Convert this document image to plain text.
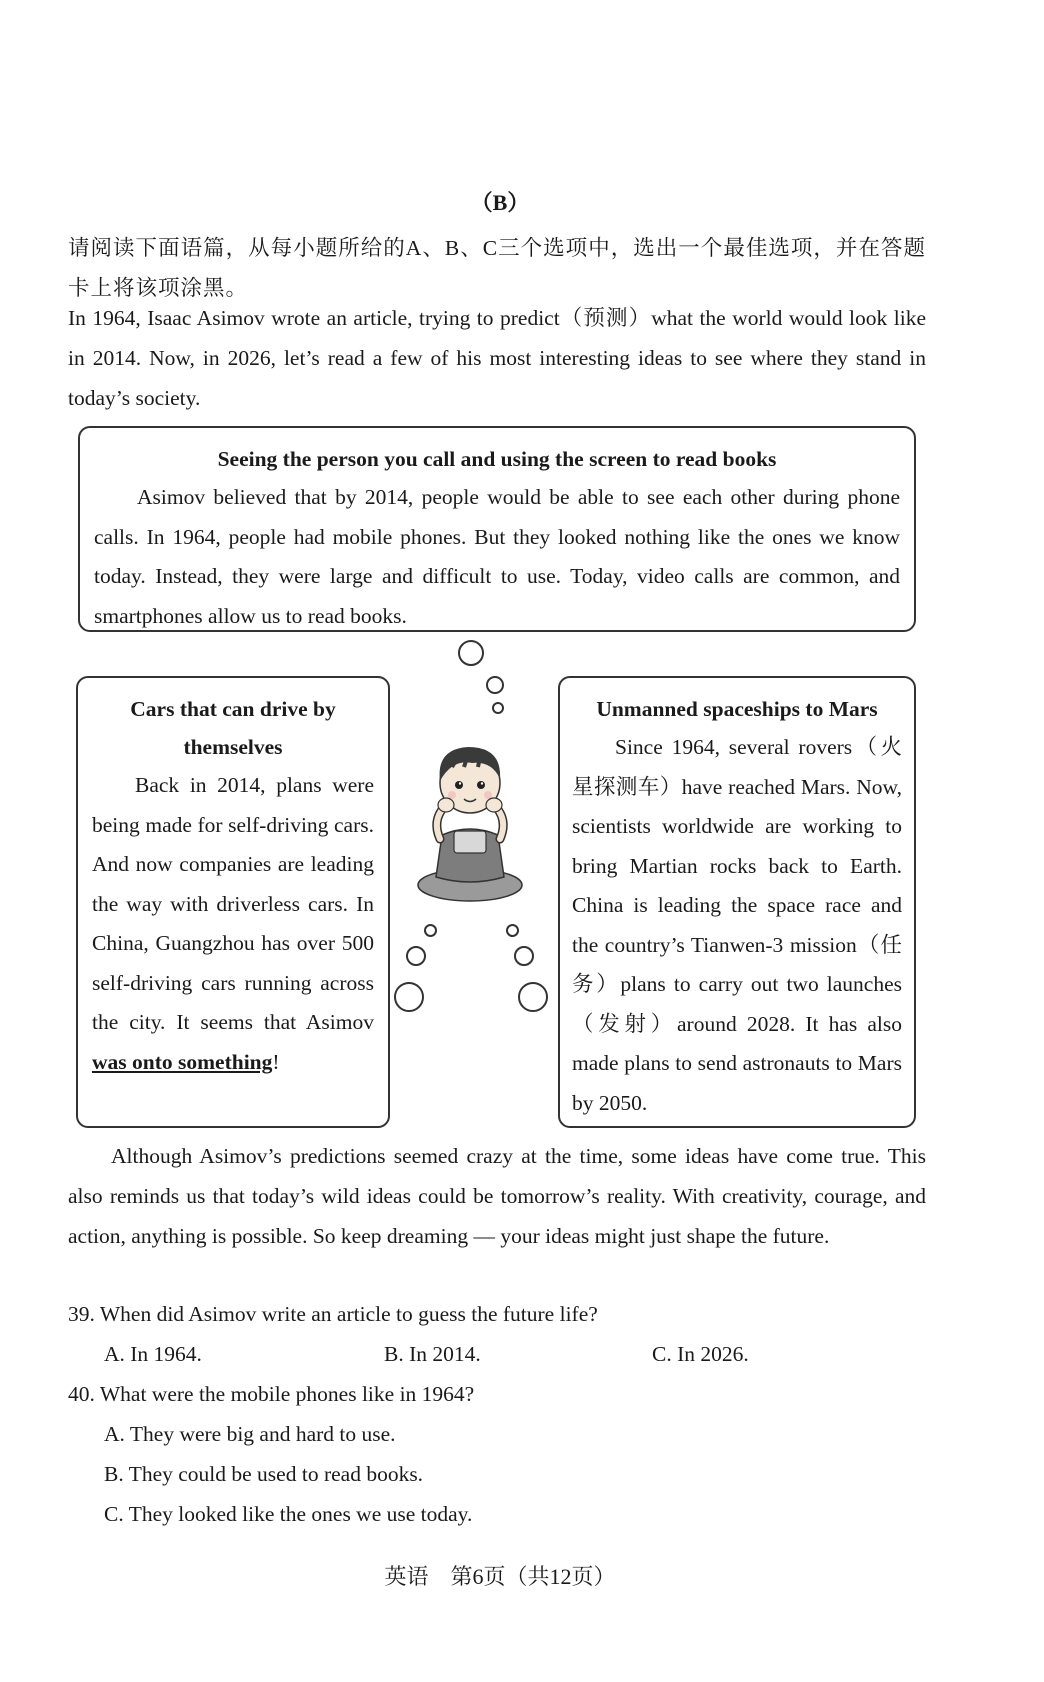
（B）
请阅读下面语篇，从每小题所给的A、B、C三个选项中，选出一个最佳选项，并在答题卡上将该项涂黑。
In 1964, Isaac Asimov wrote an article, trying to predict（预测）what the world would look like in 2014. Now, in 2026, let’s read a few of his most interesting ideas to see where they stand in today’s society.
Seeing the person you call and using the screen to read books
Asimov believed that by 2014, people would be able to see each other during phone calls. In 1964, people had mobile phones. But they looked nothing like the ones we know today. Instead, they were large and difficult to use. Today, video calls are common, and smartphones allow us to read books.
Cars that can drive by themselves
Back in 2014, plans were being made for self-driving cars. And now companies are leading the way with driverless cars. In China, Guangzhou has over 500 self-driving cars running across the city. It seems that Asimov was onto something!
Unmanned spaceships to Mars
Since 1964, several rovers（火星探测车）have reached Mars. Now, scientists worldwide are working to bring Martian rocks back to Earth. China is leading the space race and the country’s Tianwen-3 mission（任务）plans to carry out two launches（发射）around 2028. It has also made plans to send astronauts to Mars by 2050.
Although Asimov’s predictions seemed crazy at the time, some ideas have come true. This also reminds us that today’s wild ideas could be tomorrow’s reality. With creativity, courage, and action, anything is possible. So keep dreaming — your ideas might just shape the future.
39. When did Asimov write an article to guess the future life?
A. In 1964.	B. In 2014.	C. In 2026.
40. What were the mobile phones like in 1964?
A. They were big and hard to use.
B. They could be used to read books.
C. They looked like the ones we use today.
英语　第6页（共12页）
